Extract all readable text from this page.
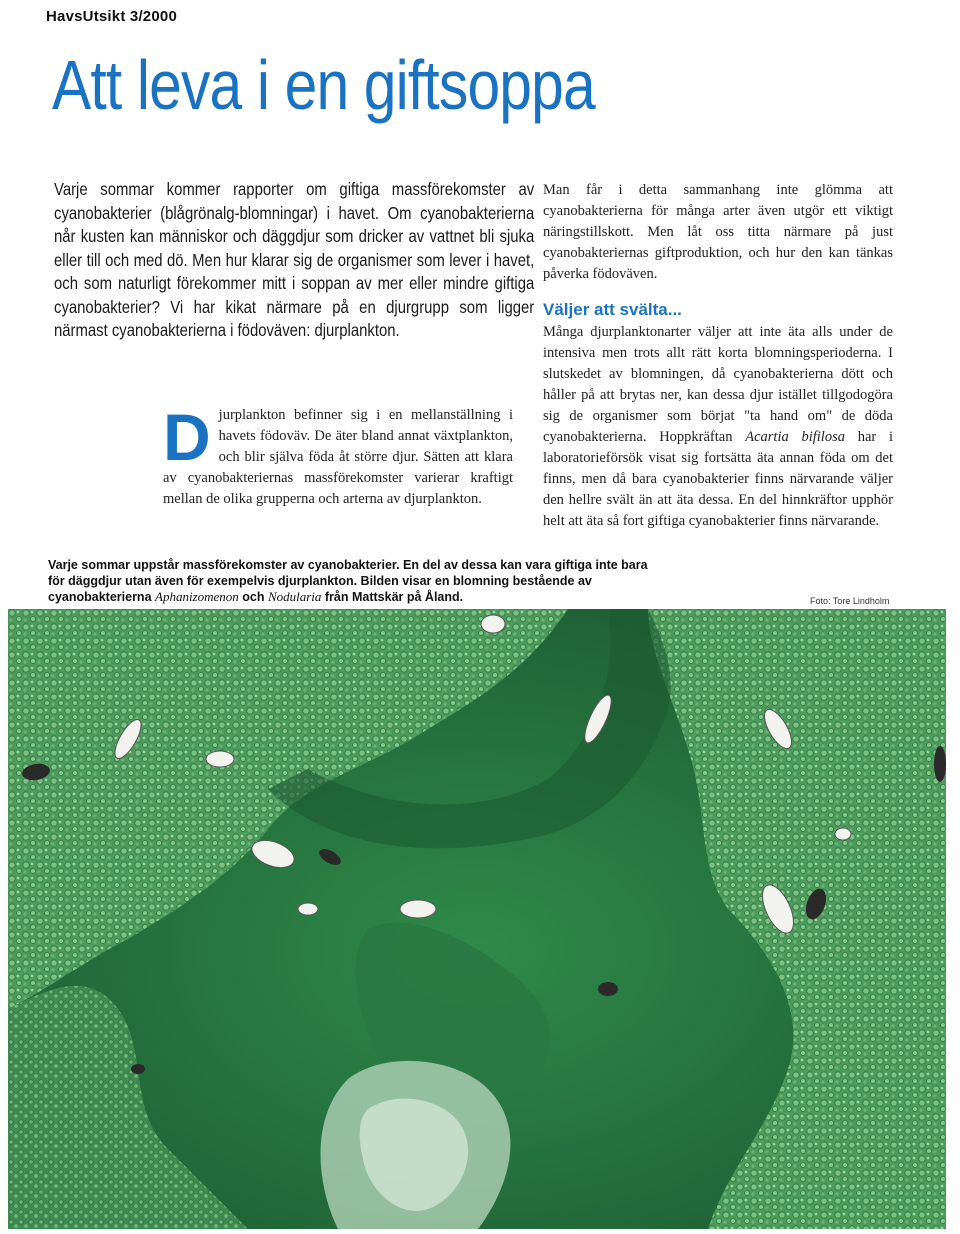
HavsUtsikt 3/2000
Att leva i en giftsoppa
Varje sommar kommer rapporter om giftiga massförekomster av cyanobakterier (blågrönalg-blomningar) i havet. Om cyanobakterierna når kusten kan människor och däggdjur som dricker av vattnet bli sjuka eller till och med dö. Men hur klarar sig de organismer som lever i havet, och som naturligt förekommer mitt i soppan av mer eller mindre giftiga cyanobakterier? Vi har kikat närmare på en djurgrupp som ligger närmast cyanobakterierna i födoväven: djurplankton.
Djurplankton befinner sig i en mellanställning i havets födoväv. De äter bland annat växtplankton, och blir själva föda åt större djur. Sätten att klara av cyanobakteriernas massförekomster varierar kraftigt mellan de olika grupperna och arterna av djurplankton.

Man får i detta sammanhang inte glömma att cyanobakterierna för många arter även utgör ett viktigt näringstillskott. Men låt oss titta närmare på just cyanobakteriernas giftproduktion, och hur den kan tänkas påverka födoväven.

Väljer att svälta...

Många djurplanktonarter väljer att inte äta alls under de intensiva men trots allt rätt korta blomningsperioderna. I slutskedet av blomningen, då cyanobakterierna dött och håller på att brytas ner, kan dessa djur istället tillgodogöra sig de organismer som börjat "ta hand om" de döda cyanobakterierna. Hoppkräftan Acartia bifilosa har i laboratorieförsök visat sig fortsätta äta annan föda om det finns, men då bara cyanobakterier finns närvarande väljer den hellre svält än att äta dessa. En del hinnkräftor upphör helt att äta så fort giftiga cyanobakterier finns närvarande.

Varje sommar uppstår massförekomster av cyanobakterier. En del av dessa kan vara giftiga inte bara för däggdjur utan även för exempelvis djurplankton. Bilden visar en blomning bestående av cyanobakterierna Aphanizomenon och Nodularia från Mattskär på Åland.	Foto: Tore Lindholm
